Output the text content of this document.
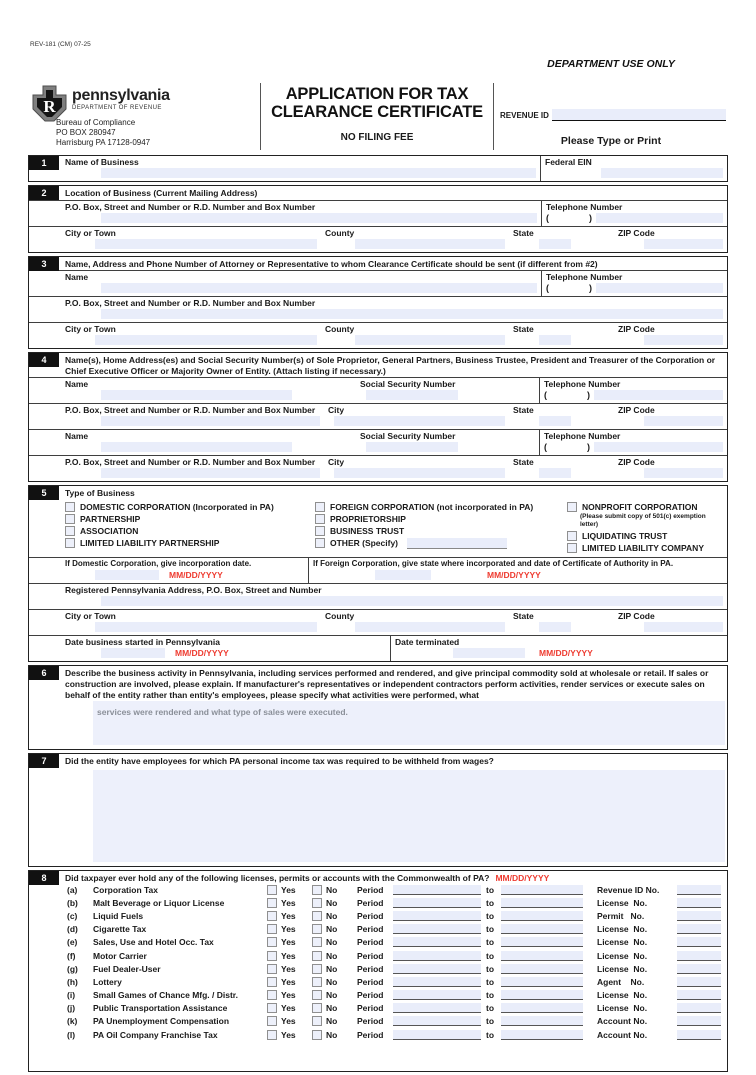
REV-181 (CM) 07-25
DEPARTMENT USE ONLY
R
pennsylvania
DEPARTMENT OF REVENUE
Bureau of Compliance
PO BOX 280947
Harrisburg PA 17128-0947
APPLICATION FOR TAX
CLEARANCE CERTIFICATE
NO FILING FEE
REVENUE ID
Please Type or Print
1	Name of Business	Federal EIN
2	Location of Business (Current Mailing Address)
P.O. Box, Street and Number or R.D. Number and Box Number	Telephone Number
(                )
City or Town	County	State	ZIP Code
3	Name, Address and Phone Number of Attorney or Representative to whom Clearance Certificate should be sent (if different from #2)
Name	Telephone Number
(                )
P.O. Box, Street and Number or R.D. Number and Box Number
City or Town	County	State	ZIP Code
4	Name(s), Home Address(es) and Social Security Number(s) of Sole Proprietor, General Partners, Business Trustee, President and Treasurer of the Corporation or Chief Executive Officer or Majority Owner of Entity. (Attach listing if necessary.)
Name	Social Security Number	Telephone Number
(                )
P.O. Box, Street and Number or R.D. Number and Box Number	City	State	ZIP Code
Name	Social Security Number	Telephone Number
(                )
P.O. Box, Street and Number or R.D. Number and Box Number	City	State	ZIP Code
5	Type of Business
DOMESTIC CORPORATION (Incorporated in PA)
PARTNERSHIP
ASSOCIATION
LIMITED LIABILITY PARTNERSHIP
FOREIGN CORPORATION (not incorporated in PA)
PROPRIETORSHIP
BUSINESS TRUST
OTHER (Specify)
NONPROFIT CORPORATION
(Please submit copy of 501(c) exemption letter)
LIQUIDATING TRUST
LIMITED LIABILITY COMPANY
If Domestic Corporation, give incorporation date.
MM/DD/YYYY
If Foreign Corporation, give state where incorporated and date of Certificate of Authority in PA.
MM/DD/YYYY
Registered Pennsylvania Address, P.O. Box, Street and Number
City or Town	County	State	ZIP Code
Date business started in Pennsylvania
MM/DD/YYYY
Date terminated
MM/DD/YYYY
6	Describe the business activity in Pennsylvania, including services performed and rendered, and give principal commodity sold at wholesale or retail. If sales or construction are involved, please explain. If manufacturer's representatives or independent contractors perform activities, render services or execute sales on behalf of the entity rather than entity's employees, please specify what activities were performed, what
services were rendered and what type of sales were executed.
7	Did the entity have employees for which PA personal income tax was required to be withheld from wages?
8	Did taxpayer ever hold any of the following licenses, permits or accounts with the Commonwealth of PA? MM/DD/YYYY
(a)	Corporation Tax	Yes	No Period	to	Revenue ID No.
(b)	Malt Beverage or Liquor License	Yes	No Period	to	License  No.
(c)	Liquid Fuels	Yes	No Period	to	Permit   No.
(d)	Cigarette Tax	Yes	No Period	to	License  No.
(e)	Sales, Use and Hotel Occ. Tax	Yes	No Period	to	License  No.
(f)	Motor Carrier	Yes	No Period	to	License  No.
(g)	Fuel Dealer-User	Yes	No Period	to	License  No.
(h)	Lottery	Yes	No Period	to	Agent    No.
(i)	Small Games of Chance Mfg. / Distr.	Yes	No Period	to	License  No.
(j)	Public Transportation Assistance	Yes	No Period	to	License  No.
(k)	PA Unemployment Compensation	Yes	No Period	to	Account No.
(l)	PA Oil Company Franchise Tax	Yes	No Period	to	Account No.
